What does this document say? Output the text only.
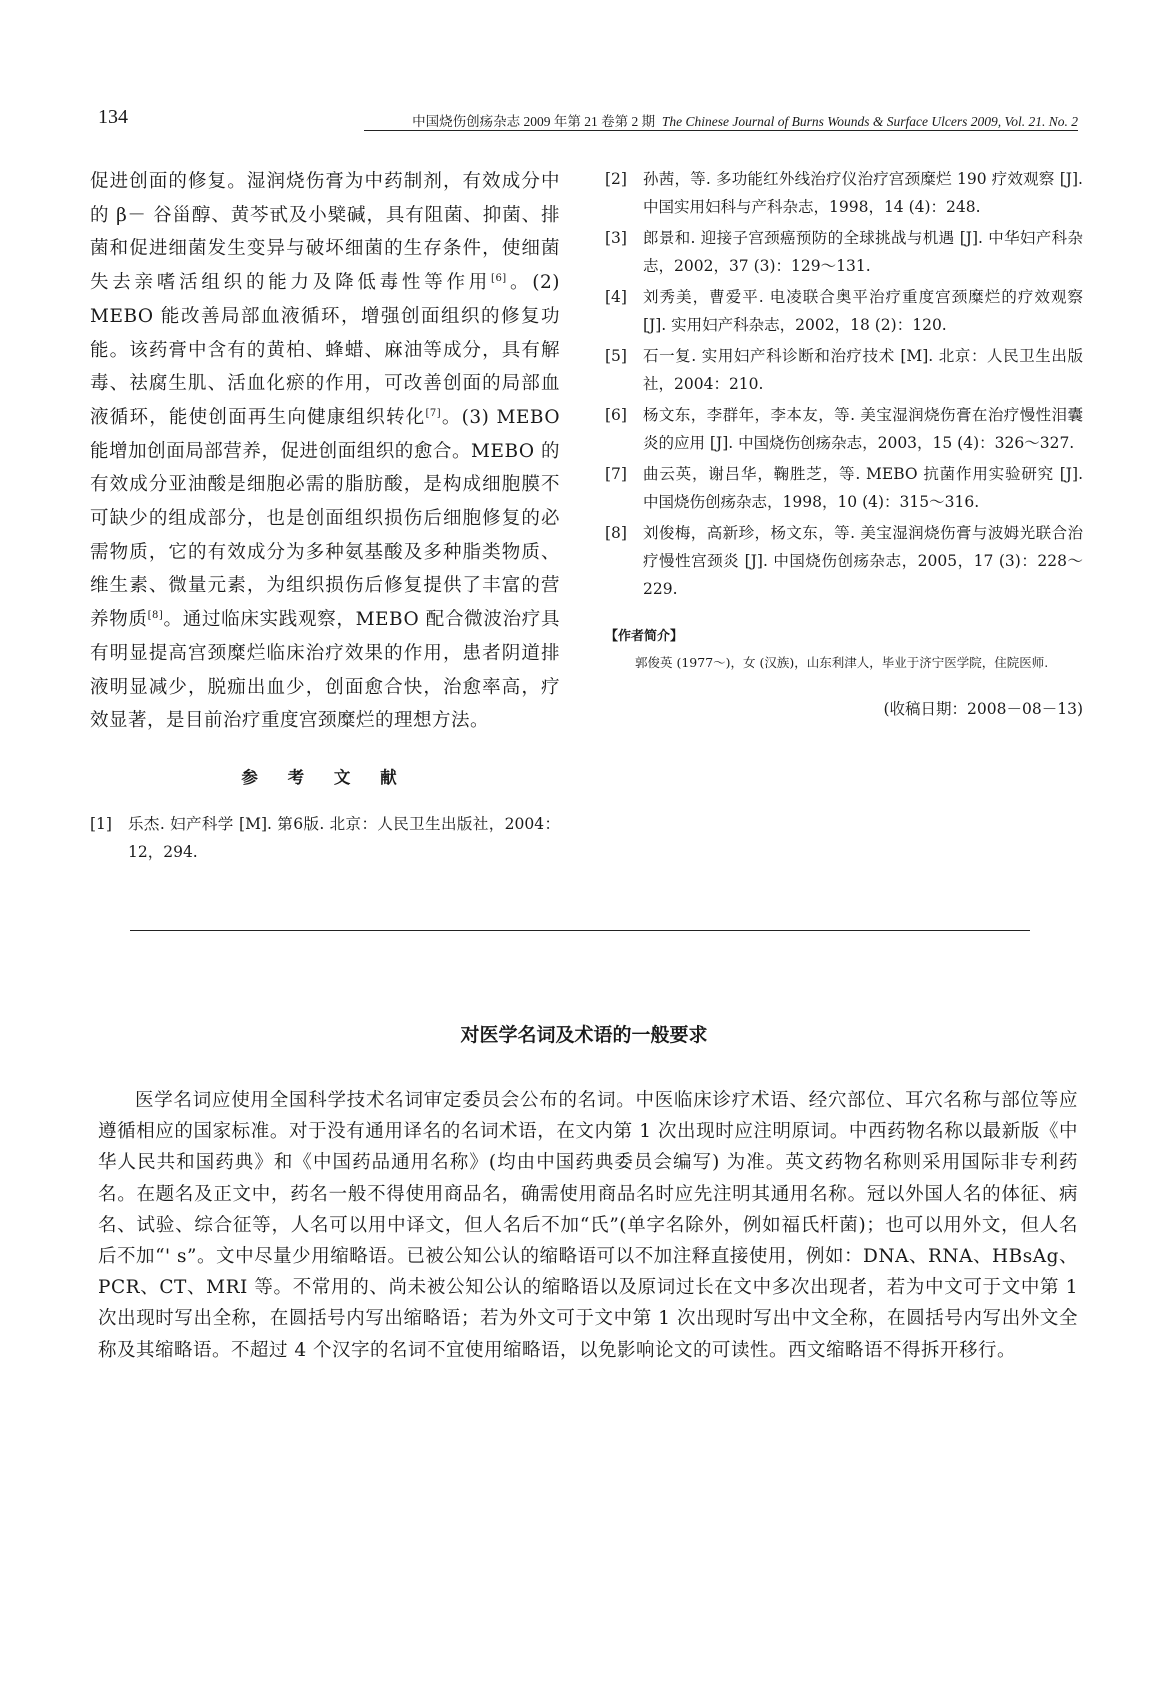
134	中国烧伤创疡杂志 2009 年第 21 卷第 2 期 The Chinese Journal of Burns Wounds & Surface Ulcers 2009, Vol. 21. No. 2

促进创面的修复。湿润烧伤膏为中药制剂，有效成分中的 β－ 谷甾醇、黄芩甙及小檗碱，具有阻菌、抑菌、排菌和促进细菌发生变异与破坏细菌的生存条件，使细菌失去亲嗜活组织的能力及降低毒性等作用[6]。(2) MEBO 能改善局部血液循环，增强创面组织的修复功能。该药膏中含有的黄柏、蜂蜡、麻油等成分，具有解毒、祛腐生肌、活血化瘀的作用，可改善创面的局部血液循环，能使创面再生向健康组织转化[7]。(3) MEBO 能增加创面局部营养，促进创面组织的愈合。MEBO 的有效成分亚油酸是细胞必需的脂肪酸，是构成细胞膜不可缺少的组成部分，也是创面组织损伤后细胞修复的必需物质，它的有效成分为多种氨基酸及多种脂类物质、维生素、微量元素，为组织损伤后修复提供了丰富的营养物质[8]。通过临床实践观察，MEBO 配合微波治疗具有明显提高宫颈糜烂临床治疗效果的作用，患者阴道排液明显减少，脱痂出血少，创面愈合快，治愈率高，疗效显著，是目前治疗重度宫颈糜烂的理想方法。

参 考 文 献
[1] 乐杰. 妇产科学 [M]. 第6版. 北京：人民卫生出版社，2004：12，294.
[2] 孙茜，等. 多功能红外线治疗仪治疗宫颈糜烂 190 疗效观察 [J]. 中国实用妇科与产科杂志，1998，14 (4)：248.
[3] 郎景和. 迎接子宫颈癌预防的全球挑战与机遇 [J]. 中华妇产科杂志，2002，37 (3)：129～131.
[4] 刘秀美，曹爱平. 电凌联合奥平治疗重度宫颈糜烂的疗效观察 [J]. 实用妇产科杂志，2002，18 (2)：120.
[5] 石一复. 实用妇产科诊断和治疗技术 [M]. 北京：人民卫生出版社，2004：210.
[6] 杨文东，李群年，李本友，等. 美宝湿润烧伤膏在治疗慢性泪囊炎的应用 [J]. 中国烧伤创疡杂志，2003，15 (4)：326～327.
[7] 曲云英，谢吕华，鞠胜芝，等. MEBO 抗菌作用实验研究 [J]. 中国烧伤创疡杂志，1998，10 (4)：315～316.
[8] 刘俊梅，高新珍，杨文东，等. 美宝湿润烧伤膏与波姆光联合治疗慢性宫颈炎 [J]. 中国烧伤创疡杂志，2005，17 (3)：228～229.
【作者简介】

郭俊英 (1977～)，女 (汉族)，山东利津人，毕业于济宁医学院，住院医师.

(收稿日期：2008－08－13)
对医学名词及术语的一般要求

医学名词应使用全国科学技术名词审定委员会公布的名词。中医临床诊疗术语、经穴部位、耳穴名称与部位等应遵循相应的国家标准。对于没有通用译名的名词术语，在文内第 1 次出现时应注明原词。中西药物名称以最新版《中华人民共和国药典》和《中国药品通用名称》(均由中国药典委员会编写) 为准。英文药物名称则采用国际非专利药名。在题名及正文中，药名一般不得使用商品名，确需使用商品名时应先注明其通用名称。冠以外国人名的体征、病名、试验、综合征等，人名可以用中译文，但人名后不加“氏”(单字名除外，例如福氏杆菌)；也可以用外文，但人名后不加“' s”。文中尽量少用缩略语。已被公知公认的缩略语可以不加注释直接使用，例如：DNA、RNA、HBsAg、PCR、CT、MRI 等。不常用的、尚未被公知公认的缩略语以及原词过长在文中多次出现者，若为中文可于文中第 1 次出现时写出全称，在圆括号内写出缩略语；若为外文可于文中第 1 次出现时写出中文全称，在圆括号内写出外文全称及其缩略语。不超过 4 个汉字的名词不宜使用缩略语，以免影响论文的可读性。西文缩略语不得拆开移行。
